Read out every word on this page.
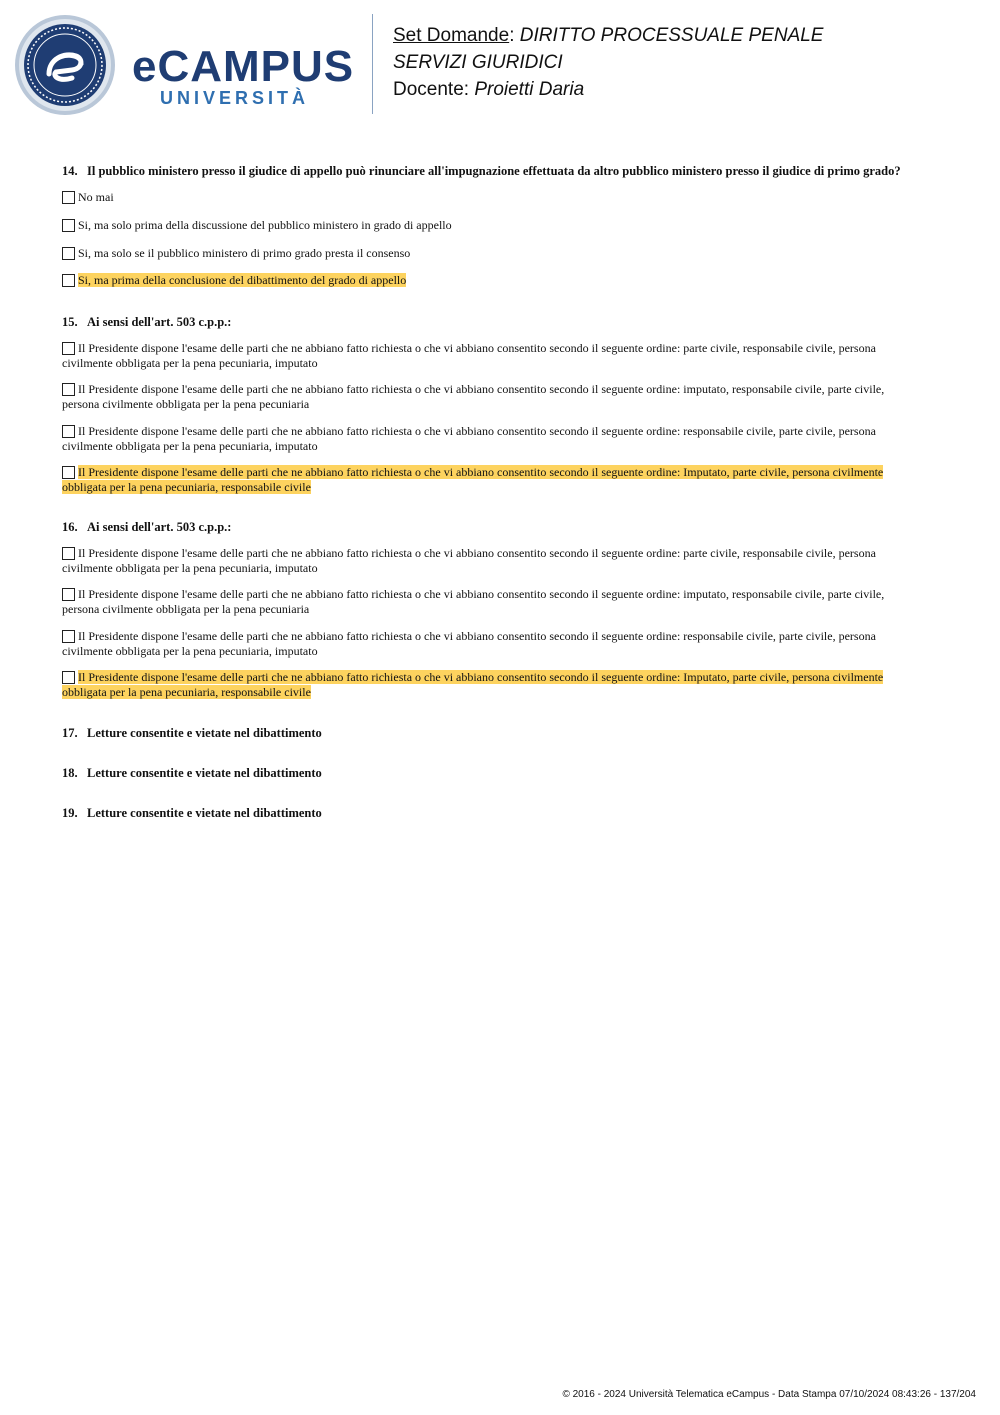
eCAMPUS
UNIVERSITÀ
Set Domande: DIRITTO PROCESSUALE PENALE
SERVIZI GIURIDICI
Docente: Proietti Daria
14. Il pubblico ministero presso il giudice di appello può rinunciare all'impugnazione effettuata da altro pubblico ministero presso il giudice di primo grado?
No mai
Si, ma solo prima della discussione del pubblico ministero in grado di appello
Si, ma solo se il pubblico ministero di primo grado presta il consenso
Si, ma prima della conclusione del dibattimento del grado di appello
15. Ai sensi dell'art. 503 c.p.p.:
Il Presidente dispone l'esame delle parti che ne abbiano fatto richiesta o che vi abbiano consentito secondo il seguente ordine: parte civile, responsabile civile, persona civilmente obbligata per la pena pecuniaria, imputato
Il Presidente dispone l'esame delle parti che ne abbiano fatto richiesta o che vi abbiano consentito secondo il seguente ordine: imputato, responsabile civile, parte civile, persona civilmente obbligata per la pena pecuniaria
Il Presidente dispone l'esame delle parti che ne abbiano fatto richiesta o che vi abbiano consentito secondo il seguente ordine: responsabile civile, parte civile, persona civilmente obbligata per la pena pecuniaria, imputato
Il Presidente dispone l'esame delle parti che ne abbiano fatto richiesta o che vi abbiano consentito secondo il seguente ordine: Imputato, parte civile, persona civilmente obbligata per la pena pecuniaria, responsabile civile
16. Ai sensi dell'art. 503 c.p.p.:
Il Presidente dispone l'esame delle parti che ne abbiano fatto richiesta o che vi abbiano consentito secondo il seguente ordine: parte civile, responsabile civile, persona civilmente obbligata per la pena pecuniaria, imputato
Il Presidente dispone l'esame delle parti che ne abbiano fatto richiesta o che vi abbiano consentito secondo il seguente ordine: imputato, responsabile civile, parte civile, persona civilmente obbligata per la pena pecuniaria
Il Presidente dispone l'esame delle parti che ne abbiano fatto richiesta o che vi abbiano consentito secondo il seguente ordine: responsabile civile, parte civile, persona civilmente obbligata per la pena pecuniaria, imputato
Il Presidente dispone l'esame delle parti che ne abbiano fatto richiesta o che vi abbiano consentito secondo il seguente ordine: Imputato, parte civile, persona civilmente obbligata per la pena pecuniaria, responsabile civile
17. Letture consentite e vietate nel dibattimento
18. Letture consentite e vietate nel dibattimento
19. Letture consentite e vietate nel dibattimento
© 2016 - 2024 Università Telematica eCampus - Data Stampa 07/10/2024 08:43:26 - 137/204
